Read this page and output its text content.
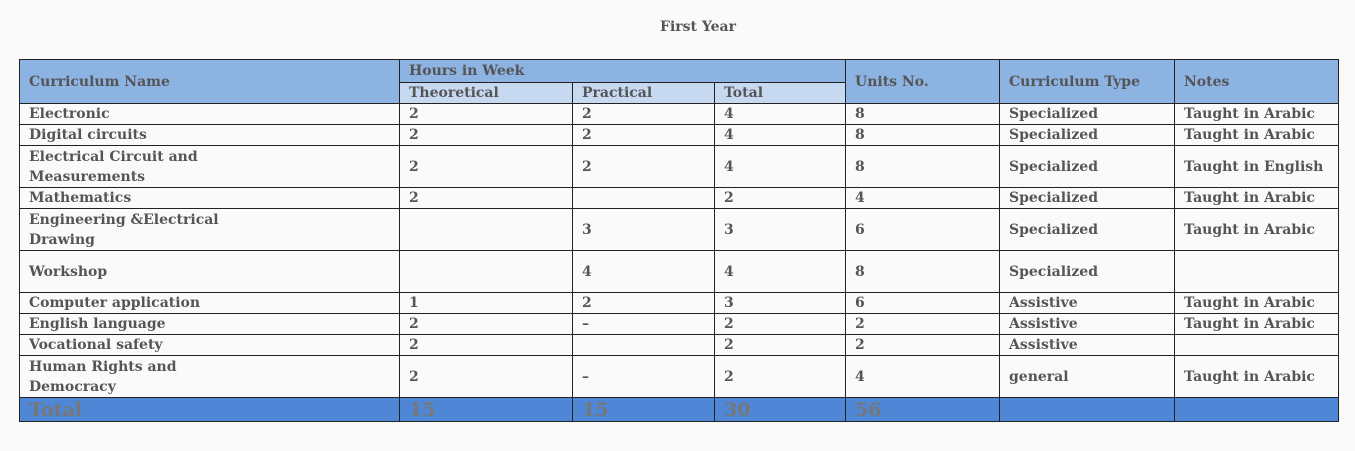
First Year
Curriculum Name	Hours in Week			Units No.	Curriculum Type	Notes
	Theoretical	Practical	Total			
Electronic	2	2	4	8	Specialized	Taught in Arabic
Digital circuits	2	2	4	8	Specialized	Taught in Arabic
Electrical Circuit and Measurements	2	2	4	8	Specialized	Taught in English
Mathematics	2		2	4	Specialized	Taught in Arabic
Engineering &Electrical Drawing		3	3	6	Specialized	Taught in Arabic
Workshop		4	4	8	Specialized	
Computer application	1	2	3	6	Assistive	Taught in Arabic
English language	2	–	2	2	Assistive	Taught in Arabic
Vocational safety	2		2	2	Assistive	
Human Rights and Democracy	2	–	2	4	general	Taught in Arabic
Total	15	15	30	56		
